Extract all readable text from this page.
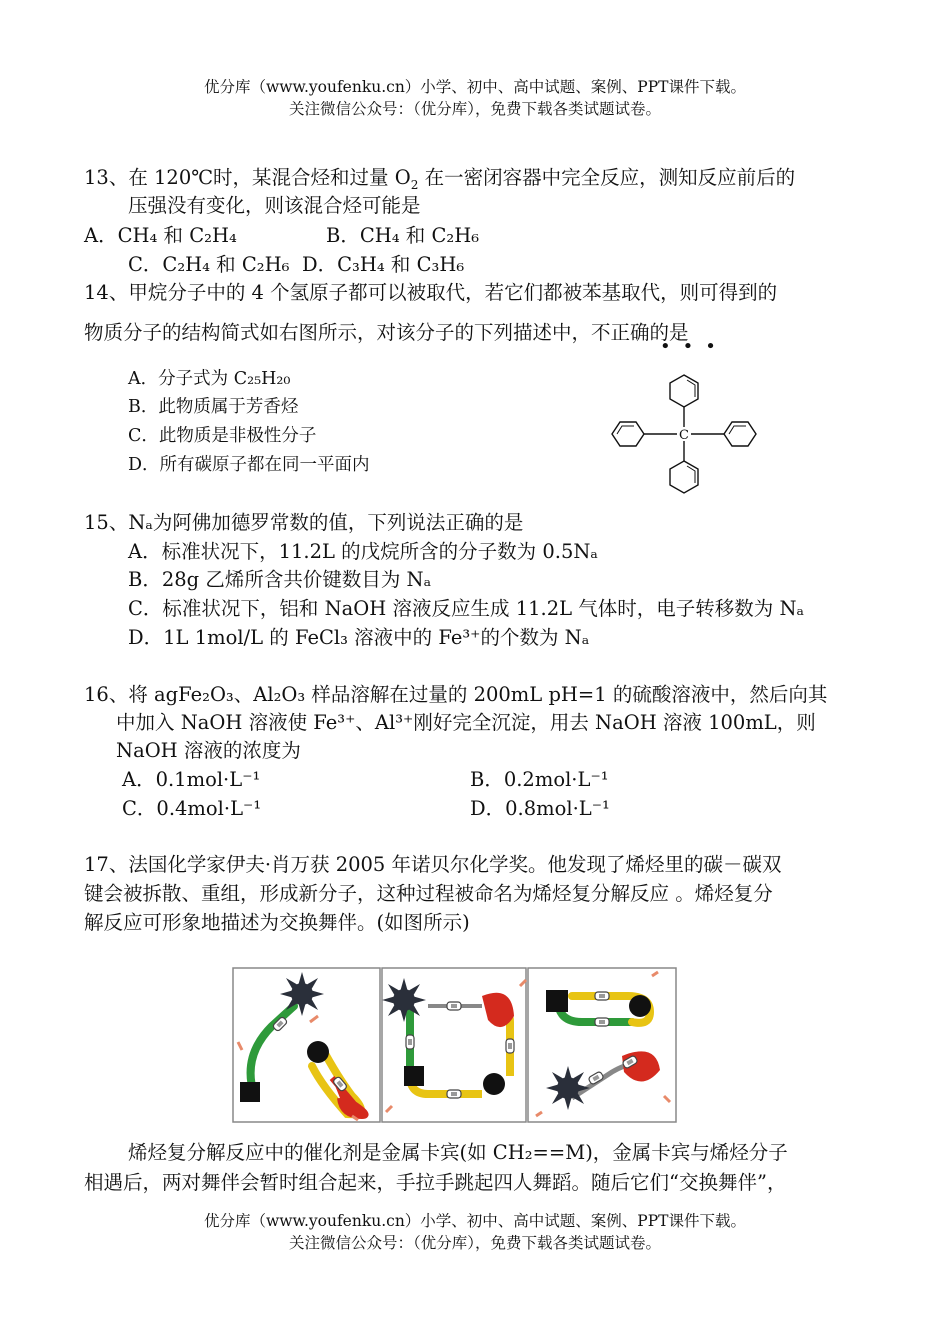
优分库（www.youfenku.cn）小学、初中、高中试题、案例、PPT课件下载。
关注微信公众号：（优分库），免费下载各类试题试卷。
13、在 120℃时，某混合烃和过量 $O_2$ 在一密闭容器中完全反应，测知反应前后的
压强没有变化，则该混合烃可能是
A．CH₄ 和 C₂H₄	B．CH₄ 和 C₂H₆
C．C₂H₄ 和 C₂H₆ D．C₃H₄ 和 C₃H₆
14、甲烷分子中的 4 个氢原子都可以被取代，若它们都被苯基取代，则可得到的
物质分子的结构简式如右图所示，对该分子的下列描述中，不正确的是
•••
A．分子式为 C₂₅H₂₀
B．此物质属于芳香烃
C．此物质是非极性分子
D．所有碳原子都在同一平面内
C
15、Nₐ为阿佛加德罗常数的值，下列说法正确的是
A．标准状况下，11.2L 的戊烷所含的分子数为 0.5Nₐ
B．28g 乙烯所含共价键数目为 Nₐ
C．标准状况下，铝和 NaOH 溶液反应生成 11.2L 气体时，电子转移数为 Nₐ
D．1L 1mol/L 的 FeCl₃ 溶液中的 Fe³⁺的个数为 Nₐ
16、将 agFe₂O₃、Al₂O₃ 样品溶解在过量的 200mL pH=1 的硫酸溶液中，然后向其
中加入 NaOH 溶液使 Fe³⁺、Al³⁺刚好完全沉淀，用去 NaOH 溶液 100mL，则
NaOH 溶液的浓度为
A．0.1mol·L⁻¹	B．0.2mol·L⁻¹
C．0.4mol·L⁻¹	D．0.8mol·L⁻¹
17、法国化学家伊夫·肖万获 2005 年诺贝尔化学奖。他发现了烯烃里的碳－碳双
键会被拆散、重组，形成新分子，这种过程被命名为烯烃复分解反应 。烯烃复分
解反应可形象地描述为交换舞伴。(如图所示)
烯烃复分解反应中的催化剂是金属卡宾(如 CH₂==M)，金属卡宾与烯烃分子
相遇后，两对舞伴会暂时组合起来，手拉手跳起四人舞蹈。随后它们“交换舞伴”，
优分库（www.youfenku.cn）小学、初中、高中试题、案例、PPT课件下载。
关注微信公众号：（优分库），免费下载各类试题试卷。
